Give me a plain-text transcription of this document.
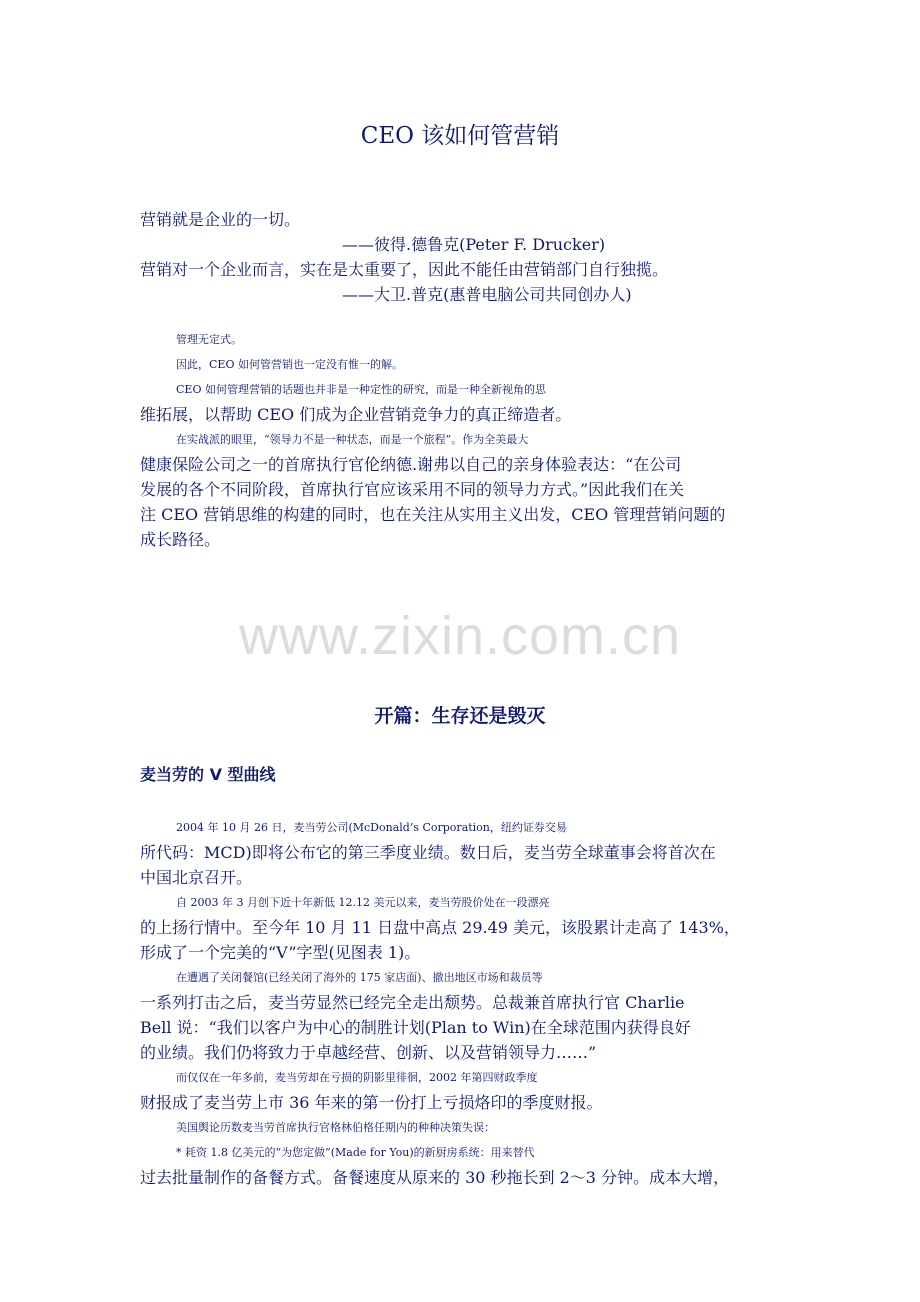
CEO 该如何管营销
营销就是企业的一切。
——彼得.德鲁克(Peter F. Drucker)
营销对一个企业而言，实在是太重要了，因此不能任由营销部门自行独揽。
——大卫.普克(惠普电脑公司共同创办人)
管理无定式。
因此，CEO 如何管营销也一定没有惟一的解。
CEO 如何管理营销的话题也并非是一种定性的研究，而是一种全新视角的思
维拓展，以帮助 CEO 们成为企业营销竞争力的真正缔造者。
在实战派的眼里，“领导力不是一种状态，而是一个旅程”。作为全美最大
健康保险公司之一的首席执行官伦纳德.谢弗以自己的亲身体验表达：“在公司
发展的各个不同阶段，首席执行官应该采用不同的领导力方式。”因此我们在关
注 CEO 营销思维的构建的同时，也在关注从实用主义出发，CEO 管理营销问题的
成长路径。
www.zixin.com.cn
开篇：生存还是毁灭
麦当劳的 V 型曲线
2004 年 10 月 26 日，麦当劳公司(McDonald’s Corporation，纽约证券交易
所代码：MCD)即将公布它的第三季度业绩。数日后，麦当劳全球董事会将首次在
中国北京召开。
自 2003 年 3 月创下近十年新低 12.12 美元以来，麦当劳股价处在一段漂亮
的上扬行情中。至今年 10 月 11 日盘中高点 29.49 美元，该股累计走高了 143%，
形成了一个完美的“V”字型(见图表 1)。
在遭遇了关闭餐馆(已经关闭了海外的 175 家店面)、撤出地区市场和裁员等
一系列打击之后，麦当劳显然已经完全走出颓势。总裁兼首席执行官 Charlie
Bell 说：“我们以客户为中心的制胜计划(Plan to Win)在全球范围内获得良好
的业绩。我们仍将致力于卓越经营、创新、以及营销领导力……”
而仅仅在一年多前，麦当劳却在亏损的阴影里徘徊，2002 年第四财政季度
财报成了麦当劳上市 36 年来的第一份打上亏损烙印的季度财报。
美国舆论历数麦当劳首席执行官格林伯格任期内的种种决策失误：
* 耗资 1.8 亿美元的“为您定做”(Made for You)的新厨房系统：用来替代
过去批量制作的备餐方式。备餐速度从原来的 30 秒拖长到 2～3 分钟。成本大增，
